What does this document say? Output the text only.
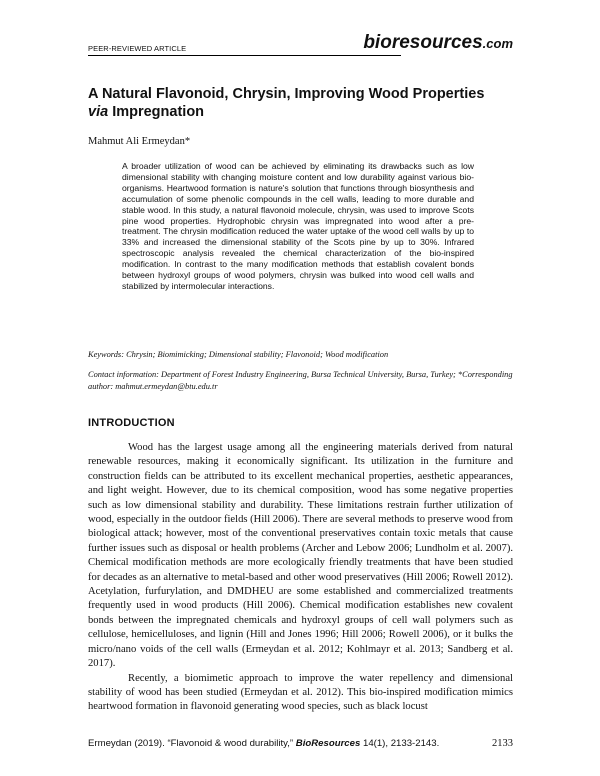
PEER-REVIEWED ARTICLE	bioresources.com
A Natural Flavonoid, Chrysin, Improving Wood Properties via Impregnation
Mahmut Ali Ermeydan*

A broader utilization of wood can be achieved by eliminating its drawbacks such as low dimensional stability with changing moisture content and low durability against various bio-organisms. Heartwood formation is nature's solution that functions through biosynthesis and accumulation of some phenolic compounds in the cell walls, leading to more durable and stable wood. In this study, a natural flavonoid molecule, chrysin, was used to improve Scots pine wood properties. Hydrophobic chrysin was impregnated into wood after a pre-treatment. The chrysin modification reduced the water uptake of the wood cell walls by up to 33% and increased the dimensional stability of the Scots pine by up to 30%. Infrared spectroscopic analysis revealed the chemical characterization of the bio-inspired modification. In contrast to the many modification methods that establish covalent bonds between hydroxyl groups of wood polymers, chrysin was bulked into wood cell walls and stabilized by intermolecular interactions.

Keywords: Chrysin; Biomimicking; Dimensional stability; Flavonoid; Wood modification

Contact information: Department of Forest Industry Engineering, Bursa Technical University, Bursa, Turkey; *Corresponding author: mahmut.ermeydan@btu.edu.tr

INTRODUCTION

Wood has the largest usage among all the engineering materials derived from natural renewable resources, making it economically significant. Its utilization in the furniture and construction fields can be attributed to its excellent mechanical properties, aesthetic appearances, and light weight. However, due to its chemical composition, wood has some negative properties such as low dimensional stability and durability. These limitations restrain further utilization of wood, especially in the outdoor fields (Hill 2006). There are several methods to preserve wood from biological attack; however, most of the conventional preservatives contain toxic metals that cause further issues such as disposal or health problems (Archer and Lebow 2006; Lundholm et al. 2007). Chemical modification methods are more ecologically friendly treatments that have been studied for decades as an alternative to metal-based and other wood preservatives (Hill 2006; Rowell 2012). Acetylation, furfurylation, and DMDHEU are some established and commercialized treatments frequently used in wood products (Hill 2006). Chemical modification establishes new covalent bonds between the impregnated chemicals and hydroxyl groups of cell wall polymers such as cellulose, hemicelluloses, and lignin (Hill and Jones 1996; Hill 2006; Rowell 2006), or it bulks the micro/nano voids of the cell walls (Ermeydan et al. 2012; Kohlmayr et al. 2013; Sandberg et al. 2017).

Recently, a biomimetic approach to improve the water repellency and dimensional stability of wood has been studied (Ermeydan et al. 2012). This bio-inspired modification mimics heartwood formation in flavonoid generating wood species, such as black locust

Ermeydan (2019). “Flavonoid & wood durability,” BioResources 14(1), 2133-2143.	2133
